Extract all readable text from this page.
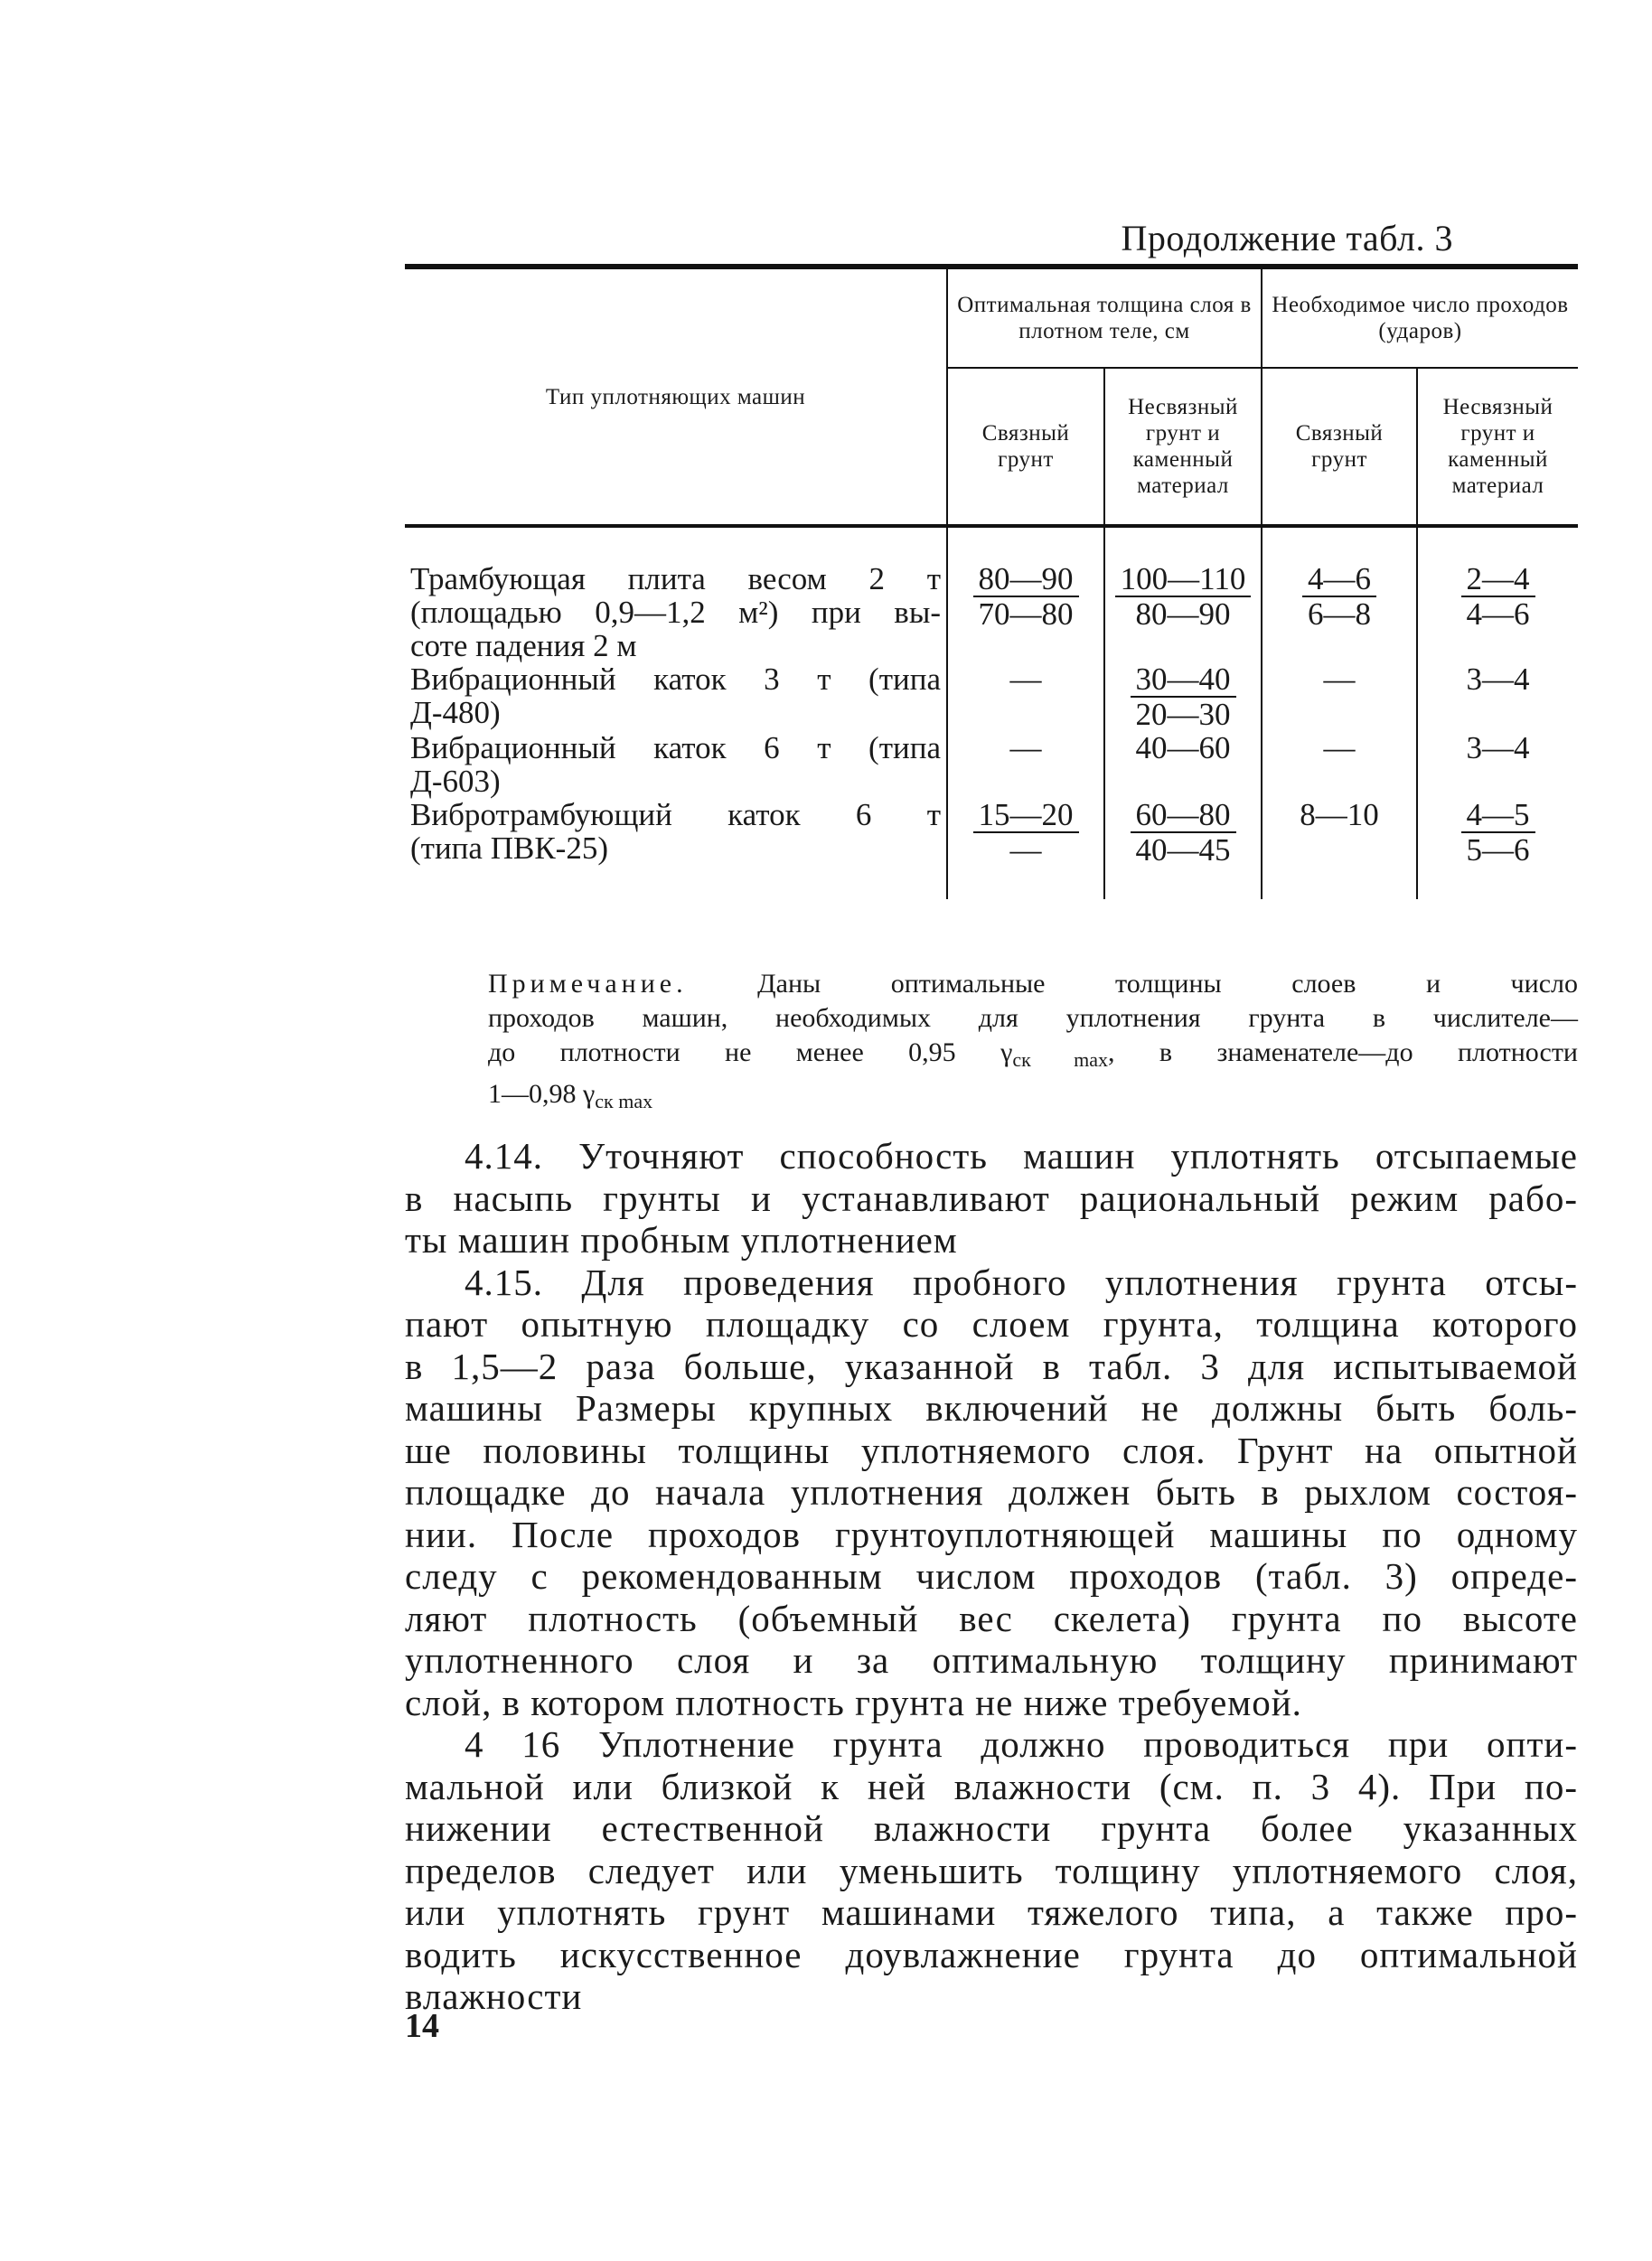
Продолжение табл. 3
Тип уплотняющих машин	Оптимальная толщина слоя в плотном теле, см		Необходимое число проходов (ударов)	
	Связный грунт	Несвязный грунт и каменный материал	Связный грунт	Несвязный грунт и каменный материал

Трамбующая плита весом 2 т
(площадью 0,9—1,2 м²) при вы-
соте падения 2 м	$\frac{80—90}{70—80}$	$\frac{100—110}{80—90}$	$\frac{4—6}{6—8}$	$\frac{2—4}{4—6}$

Вибрационный каток 3 т (типа
Д-480)	—	$\frac{30—40}{20—30}$	—	3—4

Вибрационный каток 6 т (типа
Д-603)	—	40—60	—	3—4

Вибротрамбующий каток 6 т
(типа ПВК-25)	$\frac{15—20}{—}$	$\frac{60—80}{40—45}$	8—10	$\frac{4—5}{5—6}$
Примечание.	Даны оптимальные толщины слоев и число
проходов машин, необходимых для уплотнения грунта в числителе—
до плотности не менее 0,95 $\gamma_{ск max}$, в знаменателе—до плотности
1—0,98 $\gamma_{ск max}$

4.14. Уточняют способность машин уплотнять отсыпаемые
в насыпь грунты и устанавливают рациональный режим рабо-
ты машин пробным уплотнением

4.15. Для проведения пробного уплотнения грунта отсы-
пают опытную площадку со слоем грунта, толщина которого
в 1,5—2 раза больше, указанной в табл. 3 для испытываемой
машины Размеры крупных включений не должны быть боль-
ше половины толщины уплотняемого слоя. Грунт на опытной
площадке до начала уплотнения должен быть в рыхлом состоя-
нии. После проходов грунтоуплотняющей машины по одному
следу с рекомендованным числом проходов (табл. 3) опреде-
ляют плотность (объемный вес скелета) грунта по высоте
уплотненного слоя и за оптимальную толщину принимают
слой, в котором плотность грунта не ниже требуемой.

4 16 Уплотнение грунта должно проводиться при опти-
мальной или близкой к ней влажности (см. п. 3 4). При по-
нижении естественной влажности грунта более указанных
пределов следует или уменьшить толщину уплотняемого слоя,
или уплотнять грунт машинами тяжелого типа, а также про-
водить искусственное доувлажнение грунта до оптимальной
влажности

14
